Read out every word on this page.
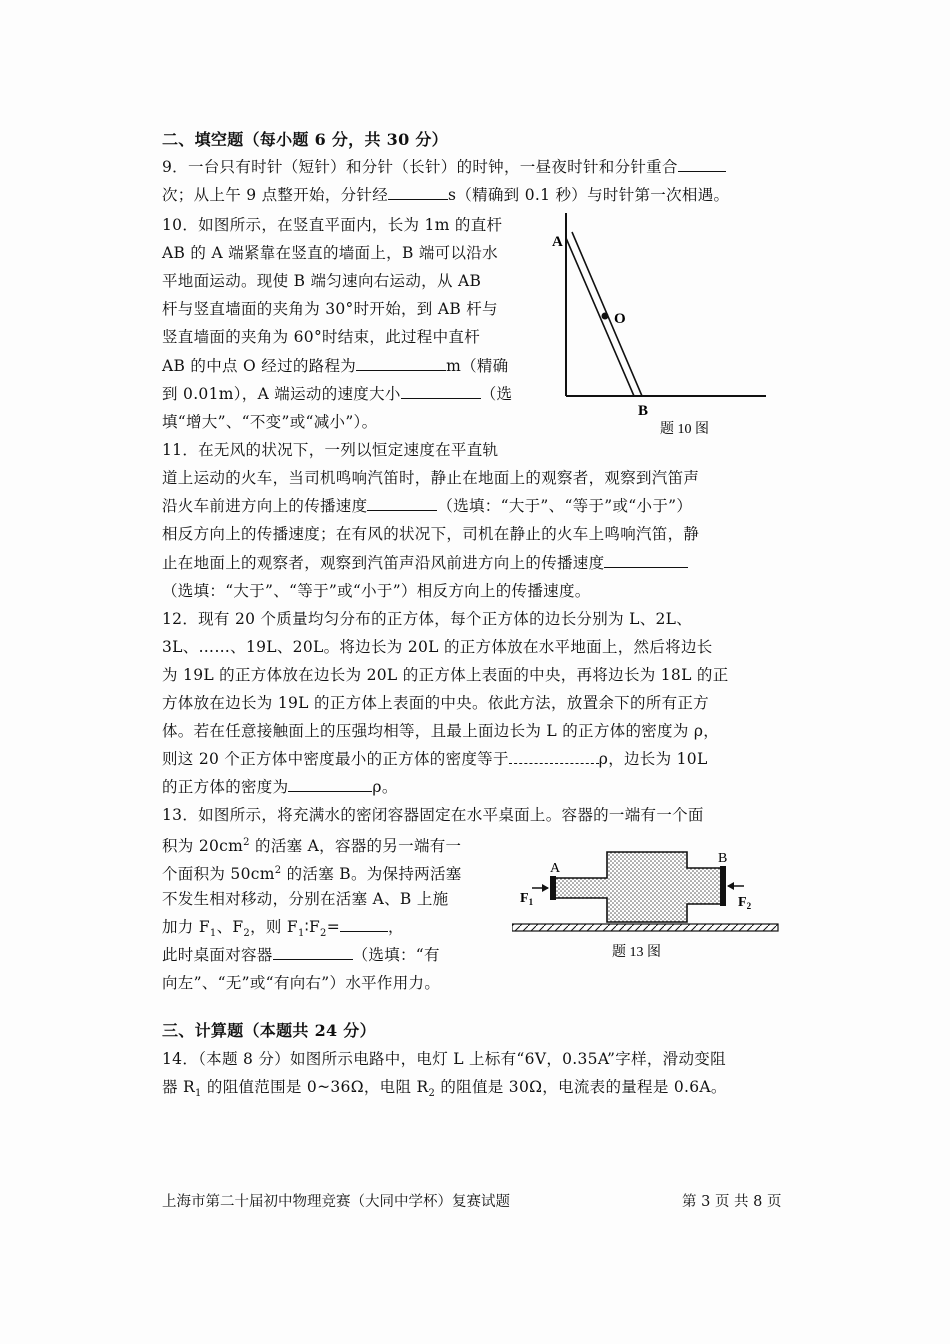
二、填空题（每小题 6 分，共 30 分）
9．一台只有时针（短针）和分针（长针）的时钟，一昼夜时针和分针重合
次；从上午 9 点整开始，分针经	s（精确到 0.1 秒）与时针第一次相遇。
10．如图所示，在竖直平面内，长为 1m 的直杆
AB 的 A 端紧靠在竖直的墙面上，B 端可以沿水
平地面运动。现使 B 端匀速向右运动，从 AB
杆与竖直墙面的夹角为 30°时开始，到 AB 杆与
竖直墙面的夹角为 60°时结束，此过程中直杆
AB 的中点 O 经过的路程为	m（精确
到 0.01m），A 端运动的速度大小	（选
填“增大”、“不变”或“减小”）。
A
O
B
题 10 图
11．在无风的状况下，一列以恒定速度在平直轨
道上运动的火车，当司机鸣响汽笛时，静止在地面上的观察者，观察到汽笛声
沿火车前进方向上的传播速度	（选填：“大于”、“等于”或“小于”）
相反方向上的传播速度；在有风的状况下，司机在静止的火车上鸣响汽笛，静
止在地面上的观察者，观察到汽笛声沿风前进方向上的传播速度
（选填：“大于”、“等于”或“小于”）相反方向上的传播速度。
12．现有 20 个质量均匀分布的正方体，每个正方体的边长分别为 L、2L、
3L、……、19L、20L。将边长为 20L 的正方体放在水平地面上，然后将边长
为 19L 的正方体放在边长为 20L 的正方体上表面的中央，再将边长为 18L 的正
方体放在边长为 19L 的正方体上表面的中央。依此方法，放置余下的所有正方
体。若在任意接触面上的压强均相等，且最上面边长为 L 的正方体的密度为 ρ，
则这 20 个正方体中密度最小的正方体的密度等于	ρ，边长为 10L
的正方体的密度为	ρ。
13．如图所示，将充满水的密闭容器固定在水平桌面上。容器的一端有一个面
积为 $20cm^2$ 的活塞 A，容器的另一端有一
个面积为 $50cm^2$ 的活塞 B。为保持两活塞
不发生相对移动，分别在活塞 A、B 上施
加力 $F_1$、$F_2$，则 $F_1∶F_2=$	，
此时桌面对容器	（选填：“有
向左”、“无”或“有向右”）水平作用力。
A
B
$F_1$	$F_2$
题 13 图
三、计算题（本题共 24 分）
14．（本题 8 分）如图所示电路中，电灯 L 上标有“6V，0.35A”字样，滑动变阻
器 $R_1$ 的阻值范围是 0~36Ω，电阻 $R_2$ 的阻值是 30Ω，电流表的量程是 0.6A。
上海市第二十届初中物理竞赛（大同中学杯）复赛试题	第 3 页 共 8 页
